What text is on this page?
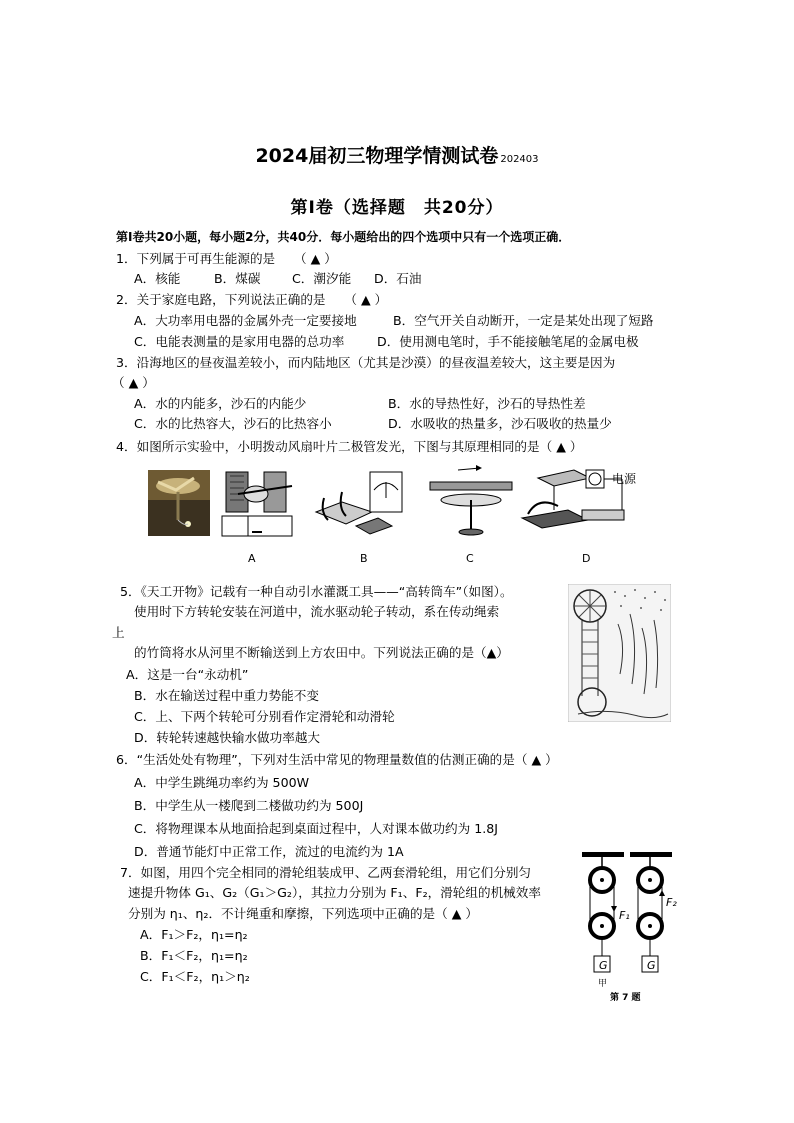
2024届初三物理学情测试卷 202403
第Ⅰ卷（选择题　共20分）
第Ⅰ卷共20小题，每小题2分，共40分．每小题给出的四个选项中只有一个选项正确．
1．下列属于可再生能源的是　　（ ▲ ）
A．核能	B．煤碳	C．潮汐能 D．石油
2．关于家庭电路，下列说法正确的是　　（ ▲ ）
A．大功率用电器的金属外壳一定要接地	B．空气开关自动断开，一定是某处出现了短路
C．电能表测量的是家用电器的总功率	D．使用测电笔时，手不能接触笔尾的金属电极
3．沿海地区的昼夜温差较小，而内陆地区（尤其是沙漠）的昼夜温差较大，这主要是因为
（ ▲ ）
A．水的内能多，沙石的内能少	B．水的导热性好，沙石的导热性差
C．水的比热容大，沙石的比热容小	D．水吸收的热量多，沙石吸收的热量少
4．如图所示实验中，小明拨动风扇叶片二极管发光，下图与其原理相同的是（ ▲ ）
电源
A	B	C	D
5．《天工开物》记载有一种自动引水灌溉工具——“高转筒车”（如图）。
使用时下方转轮安装在河道中，流水驱动轮子转动，系在传动绳索
上
的竹筒将水从河里不断输送到上方农田中。下列说法正确的是（▲）
A．这是一台“永动机”
B．水在输送过程中重力势能不变
C．上、下两个转轮可分别看作定滑轮和动滑轮
D．转轮转速越快输水做功率越大
6．“生活处处有物理”，下列对生活中常见的物理量数值的估测正确的是（ ▲ ）
A．中学生跳绳功率约为 500W
B．中学生从一楼爬到二楼做功约为 500J
C．将物理课本从地面拾起到桌面过程中，人对课本做功约为 1.8J
D．普通节能灯中正常工作，流过的电流约为 1A
7．如图，用四个完全相同的滑轮组装成甲、乙两套滑轮组，用它们分别匀
速提升物体 G₁、G₂（G₁＞G₂），其拉力分别为 F₁、F₂，滑轮组的机械效率
分别为 η₁、η₂．不计绳重和摩擦，下列选项中正确的是（ ▲ ）
A．F₁＞F₂，η₁=η₂
B．F₁＜F₂，η₁=η₂
C．F₁＜F₂，η₁＞η₂
F₁
F₂
G	G
甲
第 7 题
